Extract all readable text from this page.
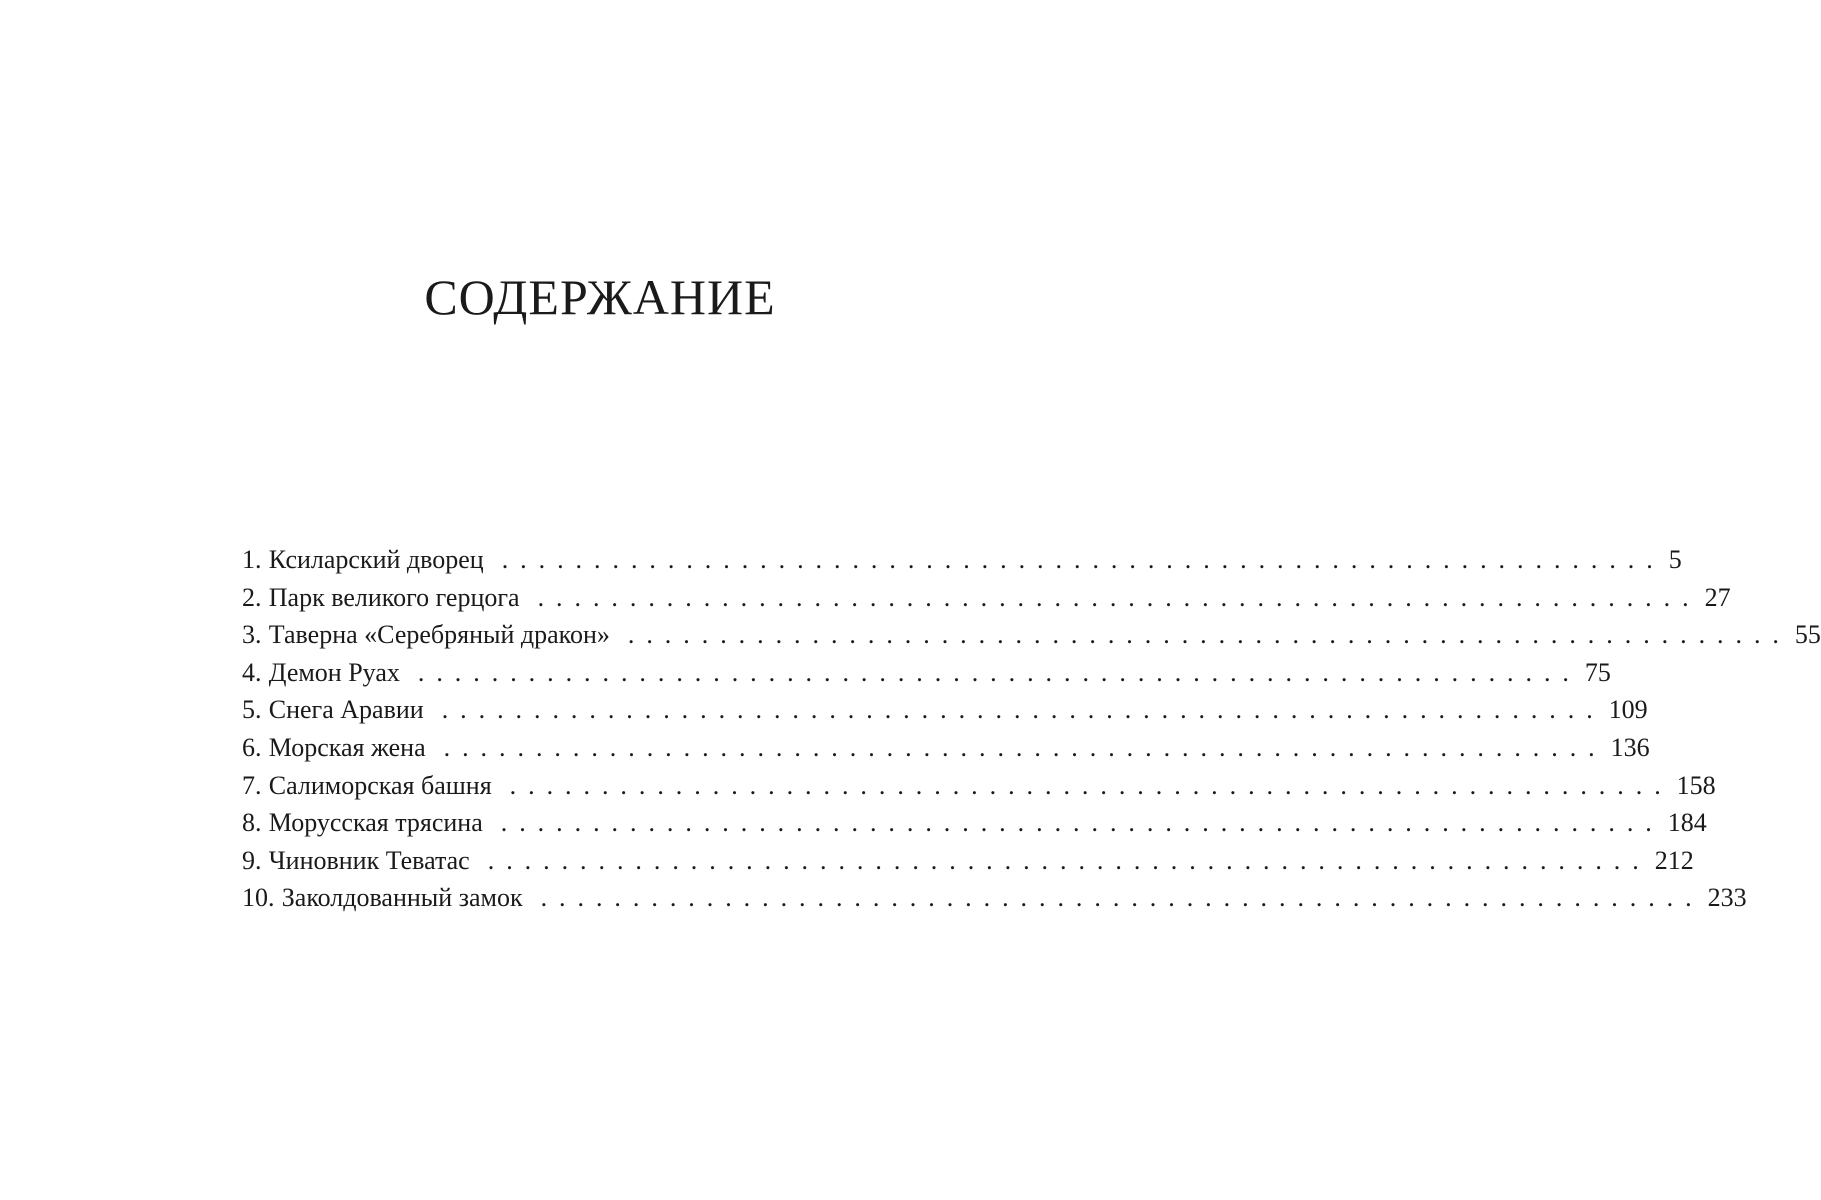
СОДЕРЖАНИЕ
1. Ксиларский дворец ............................................................... 5
2. Парк великого герцога ............................................................... 27
3. Таверна «Серебряный дракон» ............................................................... 55
4. Демон Руах ............................................................... 75
5. Снега Аравии ............................................................... 109
6. Морская жена ............................................................... 136
7. Салиморская башня ............................................................... 158
8. Морусская трясина ............................................................... 184
9. Чиновник Теватас ............................................................... 212
10. Заколдованный замок ............................................................... 233
